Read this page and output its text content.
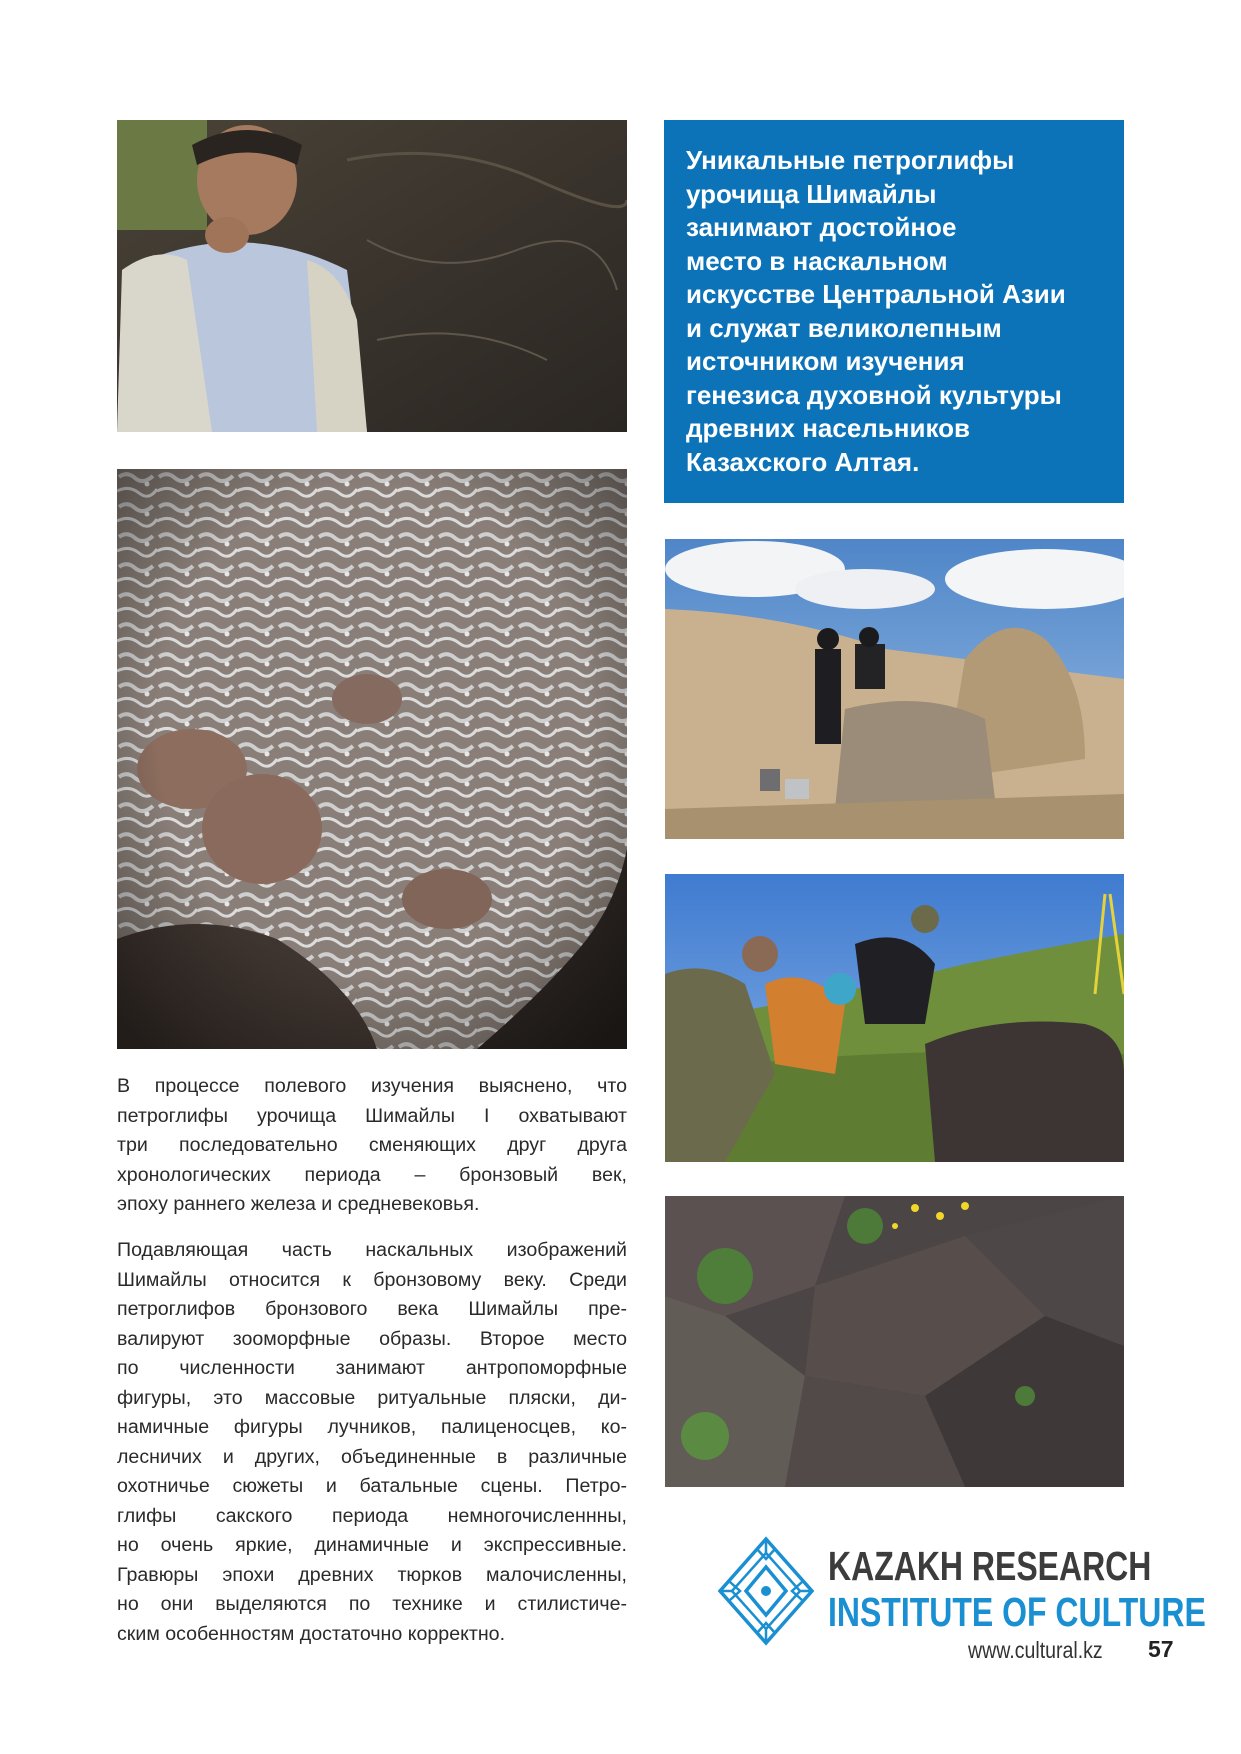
Уникальные петроглифы
урочища Шимайлы
занимают достойное
место в наскальном
искусстве Центральной Азии
и служат великолепным
источником изучения
генезиса духовной культуры
древних насельников
Казахского Алтая.

В процессе полевого изучения выяснено, что
петроглифы урочища Шимайлы I охватывают
три последовательно сменяющих друг друга
хронологических периода – бронзовый век,
эпоху раннего железа и средневековья.
Подавляющая часть наскальных изображений
Шимайлы относится к бронзовому веку. Среди
петроглифов бронзового века Шимайлы пре-
валируют зооморфные образы. Второе место
по численности занимают антропоморфные
фигуры, это массовые ритуальные пляски, ди-
намичные фигуры лучников, палиценосцев, ко-
лесничих и других, объединенные в различные
охотничье сюжеты и батальные сцены. Петро-
глифы сакского периода немногочисленнны,
но очень яркие, динамичные и экспрессивные.
Гравюры эпохи древних тюрков малочисленны,
но они выделяются по технике и стилистиче-
ским особенностям достаточно корректно.
KAZAKH RESEARCH
INSTITUTE OF CULTURE
www.cultural.kz 57
